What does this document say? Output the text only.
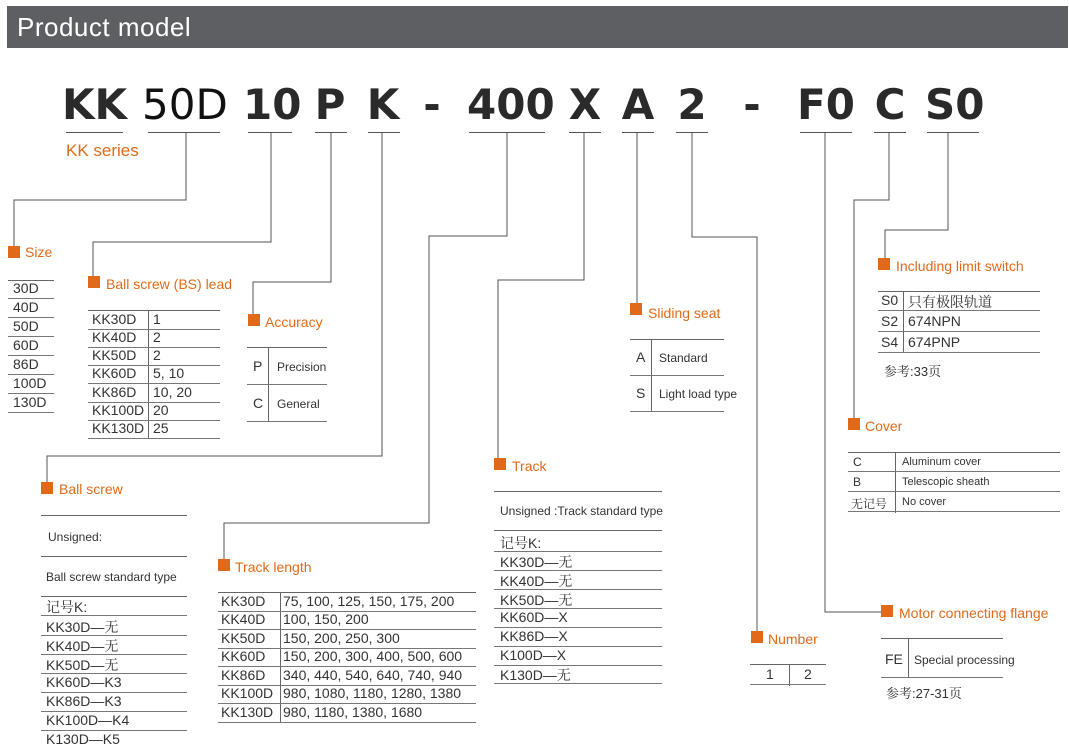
Product model
KK 50D 10 P K - 400 X A 2 - F0 C S0
KK series
Size
30D
40D
50D
60D
86D
100D
130D
Ball screw (BS) lead
KK30D 1
KK40D 2
KK50D 2
KK60D 5, 10
KK86D 10, 20
KK100D 20
KK130D 25
Accuracy
P Precision
C General
Ball screw
Unsigned:
Ball screw standard type
记号K:
KK30D—无
KK40D—无
KK50D—无
KK60D—K3
KK86D—K3
KK100D—K4
K130D—K5
Track length
KK30D 75, 100, 125, 150, 175, 200
KK40D 100, 150, 200
KK50D 150, 200, 250, 300
KK60D 150, 200, 300, 400, 500, 600
KK86D 340, 440, 540, 640, 740, 940
KK100D 980, 1080, 1180, 1280, 1380
KK130D 980, 1180, 1380, 1680
Track
Unsigned :Track standard type
记号K:
KK30D—无
KK40D—无
KK50D—无
KK60D—X
KK86D—X
K100D—X
K130D—无
Sliding seat
A Standard
S Light load type
Number
1 2
Including limit switch
S0 只有极限轨道
S2 674NPN
S4 674PNP
参考:33页
Cover
C	Aluminum cover
B	Telescopic sheath
无记号 No cover
Motor connecting flange
FE Special processing
参考:27-31页
